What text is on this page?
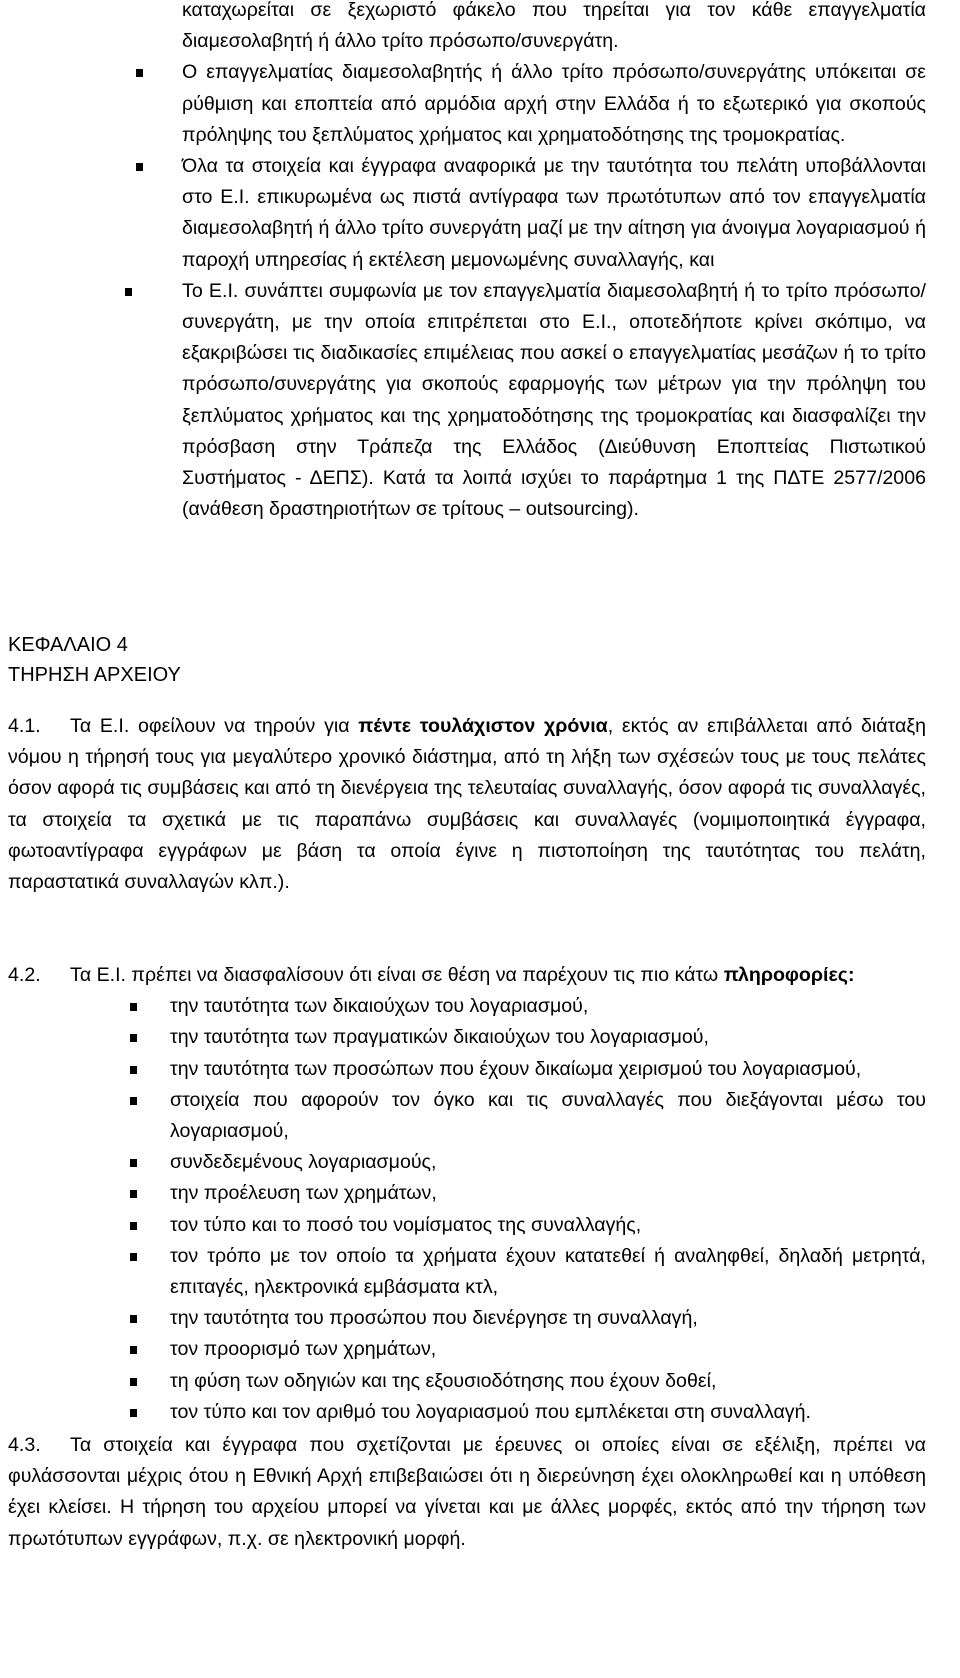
καταχωρείται σε ξεχωριστό φάκελο που τηρείται για τον κάθε επαγγελματία διαμεσολαβητή ή άλλο τρίτο πρόσωπο/συνεργάτη.

Ο επαγγελματίας διαμεσολαβητής ή άλλο τρίτο πρόσωπο/συνεργάτης υπόκειται σε ρύθμιση και εποπτεία από αρμόδια αρχή στην Ελλάδα ή το εξωτερικό για σκοπούς πρόληψης του ξεπλύματος χρήματος και χρηματοδότησης της τρομοκρατίας.

Όλα τα στοιχεία και έγγραφα αναφορικά με την ταυτότητα του πελάτη υποβάλλονται στο Ε.Ι. επικυρωμένα ως πιστά αντίγραφα των πρωτότυπων από τον επαγγελματία διαμεσολαβητή ή άλλο τρίτο συνεργάτη μαζί με την αίτηση για άνοιγμα λογαριασμού ή παροχή υπηρεσίας ή εκτέλεση μεμονωμένης συναλλαγής, και

Το Ε.Ι. συνάπτει συμφωνία με τον επαγγελματία διαμεσολαβητή ή το τρίτο πρόσωπο/συνεργάτη, με την οποία επιτρέπεται στο Ε.Ι., οποτεδήποτε κρίνει σκόπιμο, να εξακριβώσει τις διαδικασίες επιμέλειας που ασκεί ο επαγγελματίας μεσάζων ή το τρίτο πρόσωπο/συνεργάτης για σκοπούς εφαρμογής των μέτρων για την πρόληψη του ξεπλύματος χρήματος και της χρηματοδότησης της τρομοκρατίας και διασφαλίζει την πρόσβαση στην Τράπεζα της Ελλάδος (Διεύθυνση Εποπτείας Πιστωτικού Συστήματος - ΔΕΠΣ). Κατά τα λοιπά ισχύει το παράρτημα 1 της ΠΔΤΕ 2577/2006 (ανάθεση δραστηριοτήτων σε τρίτους – outsourcing).

ΚΕΦΑΛΑΙΟ 4
ΤΗΡΗΣΗ ΑΡΧΕΙΟΥ
4.1.	Τα Ε.Ι. οφείλουν να τηρούν για πέντε τουλάχιστον χρόνια, εκτός αν επιβάλλεται από διάταξη νόμου η τήρησή τους για μεγαλύτερο χρονικό διάστημα, από τη λήξη των σχέσεών τους με τους πελάτες όσον αφορά τις συμβάσεις και από τη διενέργεια της τελευταίας συναλλαγής, όσον αφορά τις συναλλαγές, τα στοιχεία τα σχετικά με τις παραπάνω συμβάσεις και συναλλαγές (νομιμοποιητικά έγγραφα, φωτοαντίγραφα εγγράφων με βάση τα οποία έγινε η πιστοποίηση της ταυτότητας του πελάτη, παραστατικά συναλλαγών κλπ.).

4.2. Τα Ε.Ι. πρέπει να διασφαλίσουν ότι είναι σε θέση να παρέχουν τις πιο κάτω πληροφορίες:

την ταυτότητα των δικαιούχων του λογαριασμού,

την ταυτότητα των πραγματικών δικαιούχων του λογαριασμού,

την ταυτότητα των προσώπων που έχουν δικαίωμα χειρισμού του λογαριασμού,

στοιχεία που αφορούν τον όγκο και τις συναλλαγές που διεξάγονται μέσω του λογαριασμού,

συνδεδεμένους λογαριασμούς,

την προέλευση των χρημάτων,

τον τύπο και το ποσό του νομίσματος της συναλλαγής,

τον τρόπο με τον οποίο τα χρήματα έχουν κατατεθεί ή αναληφθεί, δηλαδή μετρητά, επιταγές, ηλεκτρονικά εμβάσματα κτλ,

την ταυτότητα του προσώπου που διενέργησε τη συναλλαγή,

τον προορισμό των χρημάτων,

τη φύση των οδηγιών και της εξουσιοδότησης που έχουν δοθεί,

τον τύπο και τον αριθμό του λογαριασμού που εμπλέκεται στη συναλλαγή.

4.3.	Τα στοιχεία και έγγραφα που σχετίζονται με έρευνες οι οποίες είναι σε εξέλιξη, πρέπει να φυλάσσονται μέχρις ότου η Εθνική Αρχή επιβεβαιώσει ότι η διερεύνηση έχει ολοκληρωθεί και η υπόθεση έχει κλείσει. Η τήρηση του αρχείου μπορεί να γίνεται και με άλλες μορφές, εκτός από την τήρηση των πρωτότυπων εγγράφων, π.χ. σε ηλεκτρονική μορφή.
